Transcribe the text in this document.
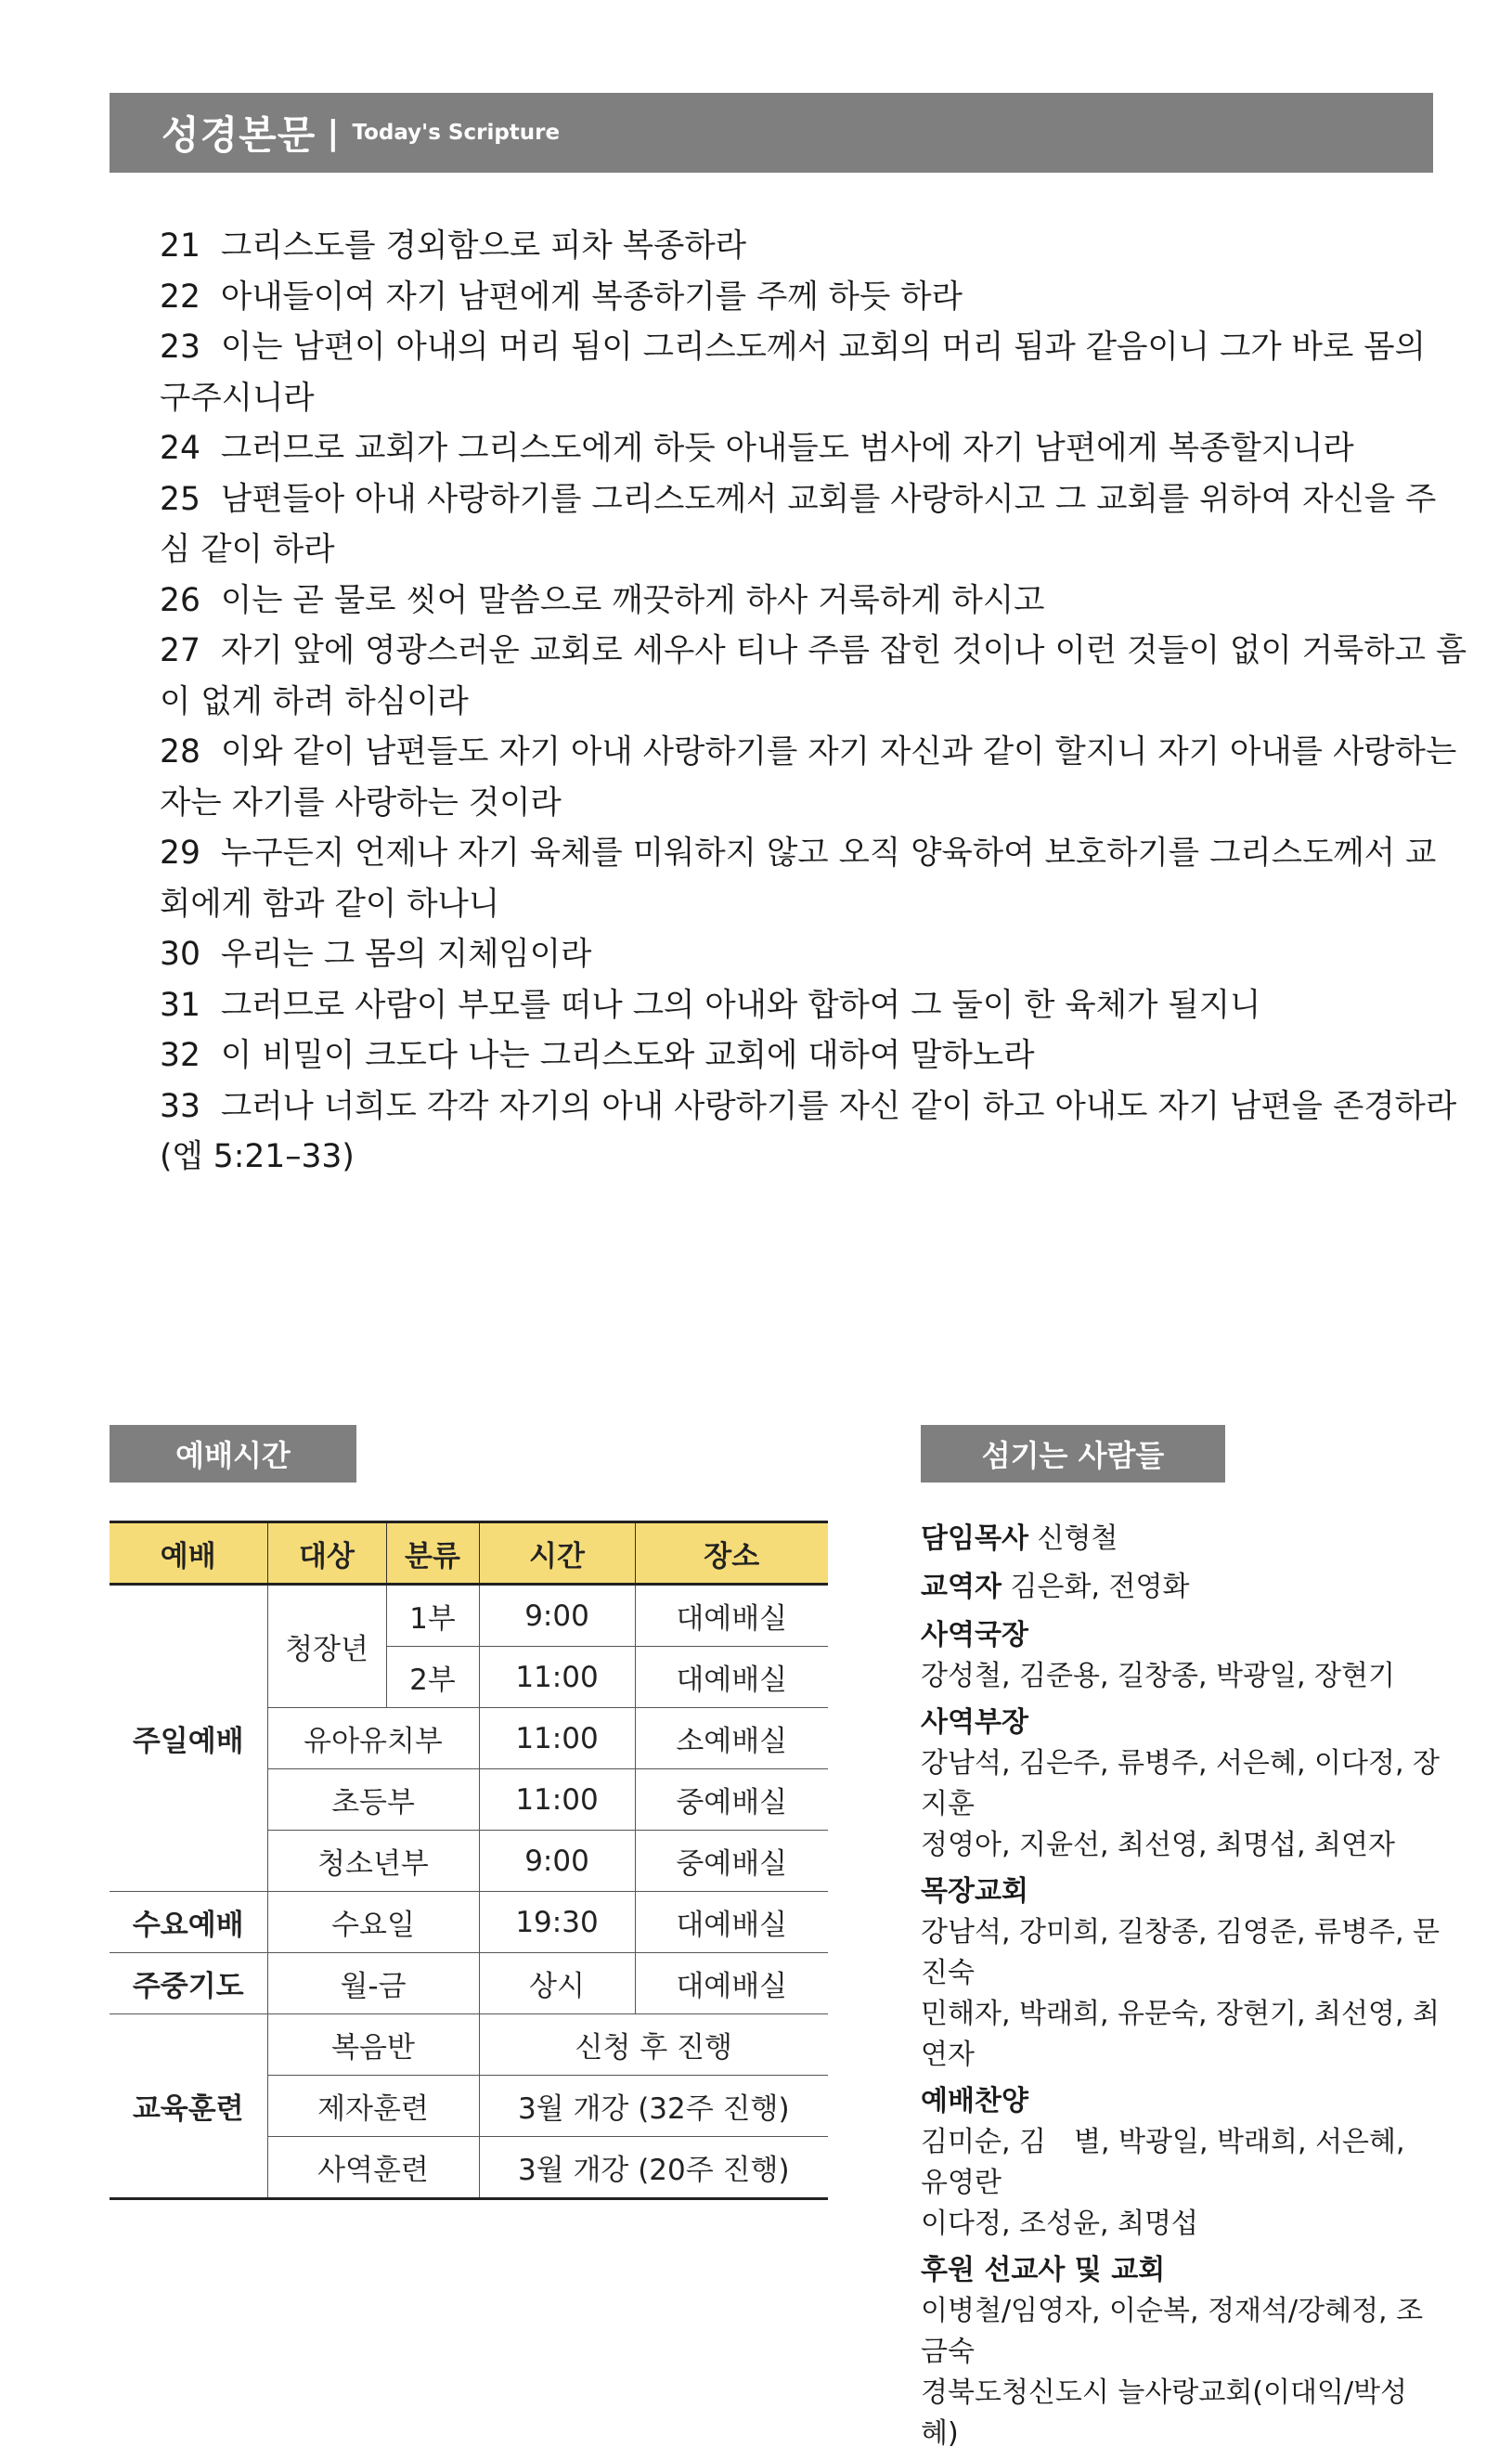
성경본문 | Today's Scripture

21 그리스도를 경외함으로 피차 복종하라

22 아내들이여 자기 남편에게 복종하기를 주께 하듯 하라

23 이는 남편이 아내의 머리 됨이 그리스도께서 교회의 머리 됨과 같음이니 그가 바로 몸의

구주시니라

24 그러므로 교회가 그리스도에게 하듯 아내들도 범사에 자기 남편에게 복종할지니라

25 남편들아 아내 사랑하기를 그리스도께서 교회를 사랑하시고 그 교회를 위하여 자신을 주

심 같이 하라

26 이는 곧 물로 씻어 말씀으로 깨끗하게 하사 거룩하게 하시고

27 자기 앞에 영광스러운 교회로 세우사 티나 주름 잡힌 것이나 이런 것들이 없이 거룩하고 흠

이 없게 하려 하심이라

28 이와 같이 남편들도 자기 아내 사랑하기를 자기 자신과 같이 할지니 자기 아내를 사랑하는

자는 자기를 사랑하는 것이라

29 누구든지 언제나 자기 육체를 미워하지 않고 오직 양육하여 보호하기를 그리스도께서 교

회에게 함과 같이 하나니

30 우리는 그 몸의 지체임이라

31 그러므로 사람이 부모를 떠나 그의 아내와 합하여 그 둘이 한 육체가 될지니

32 이 비밀이 크도다 나는 그리스도와 교회에 대하여 말하노라

33 그러나 너희도 각각 자기의 아내 사랑하기를 자신 같이 하고 아내도 자기 남편을 존경하라

(엡 5:21–33)

예배시간
예배	대상	분류	시간	장소
주일예배	청장년	1부	9:00	대예배실
		2부	11:00	대예배실
	유아유치부		11:00	소예배실
	초등부		11:00	중예배실
	청소년부		9:00	중예배실
수요예배	수요일		19:30	대예배실
주중기도	월-금		상시	대예배실
교육훈련	복음반		신청 후 진행	
	제자훈련		3월 개강 (32주 진행)	
	사역훈련		3월 개강 (20주 진행)	
섬기는 사람들

담임목사 신형철

교역자 김은화, 전영화

사역국장

강성철, 김준용, 길창종, 박광일, 장현기

사역부장

강남석, 김은주, 류병주, 서은혜, 이다정, 장지훈

정영아, 지윤선, 최선영, 최명섭, 최연자

목장교회

강남석, 강미희, 길창종, 김영준, 류병주, 문진숙

민해자, 박래희, 유문숙, 장현기, 최선영, 최연자

예배찬양

김미순, 김　별, 박광일, 박래희, 서은혜, 유영란

이다정, 조성윤, 최명섭

후원 선교사 및 교회

이병철/임영자, 이순복, 정재석/강혜정, 조금숙

경북도청신도시 늘사랑교회(이대익/박성혜)
